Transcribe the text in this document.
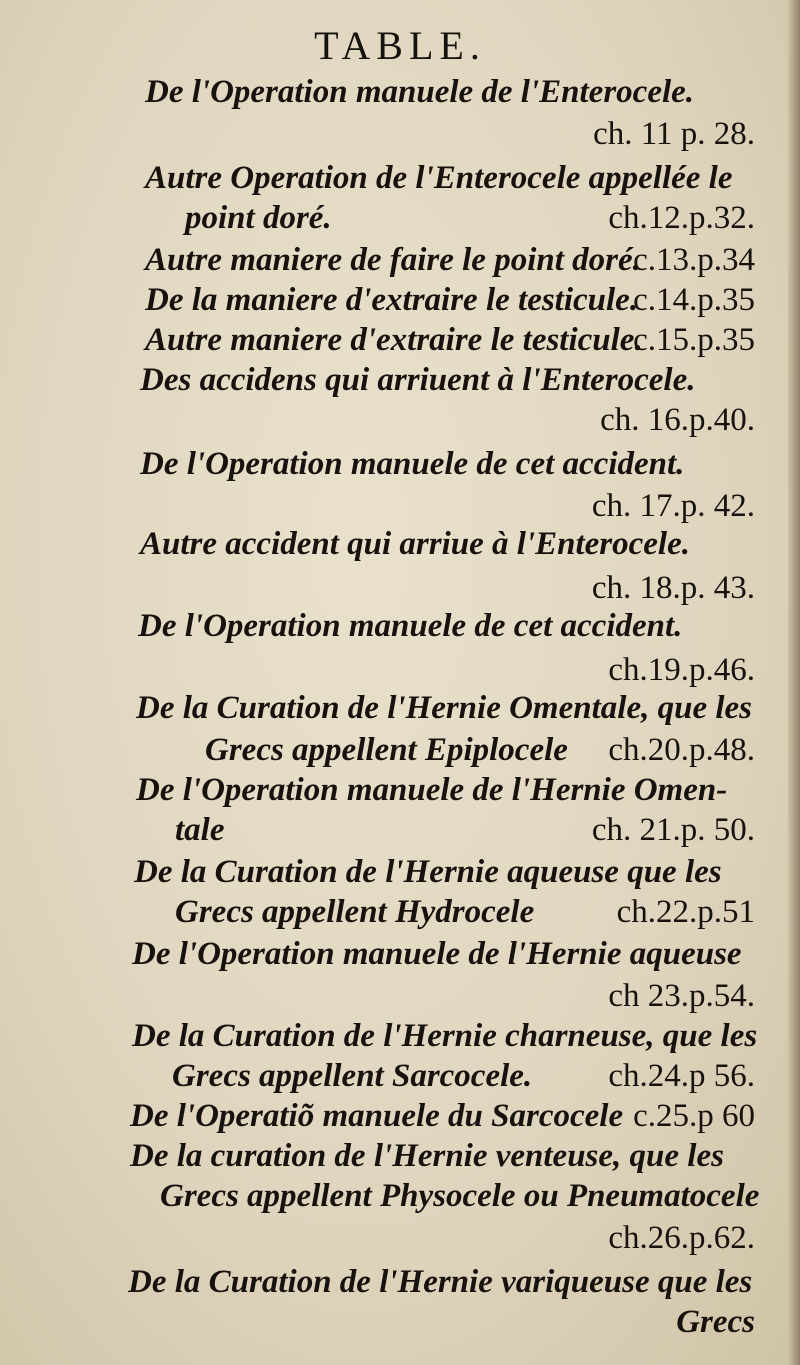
TABLE.
De l'Operation manuele de l'Enterocele.
ch. 11 p. 28.
Autre Operation de l'Enterocele appellée le
point doré.	ch.12.p.32.
Autre maniere de faire le point doré.
c.13.p.34
De la maniere d'extraire le testicule.
c.14.p.35
Autre maniere d'extraire le testicule.
c.15.p.35
Des accidens qui arriuent à l'Enterocele.
ch. 16.p.40.
De l'Operation manuele de cet accident.
ch. 17.p. 42.
Autre accident qui arriue à l'Enterocele.
ch. 18.p. 43.
De l'Operation manuele de cet accident.
ch.19.p.46.
De la Curation de l'Hernie Omentale, que les
Grecs appellent Epiplocele ch.20.p.48.
De l'Operation manuele de l'Hernie Omen-
tale	ch. 21.p. 50.
De la Curation de l'Hernie aqueuse que les
Grecs appellent Hydrocele ch.22.p.51
De l'Operation manuele de l'Hernie aqueuse
ch 23.p.54.
De la Curation de l'Hernie charneuse, que les
Grecs appellent Sarcocele. ch.24.p 56.
De l'Operatiõ manuele du Sarcocele c.25.p 60
De la curation de l'Hernie venteuse, que les
Grecs appellent Physocele ou Pneumatocele
ch.26.p.62.
De la Curation de l'Hernie variqueuse que les
Grecs
